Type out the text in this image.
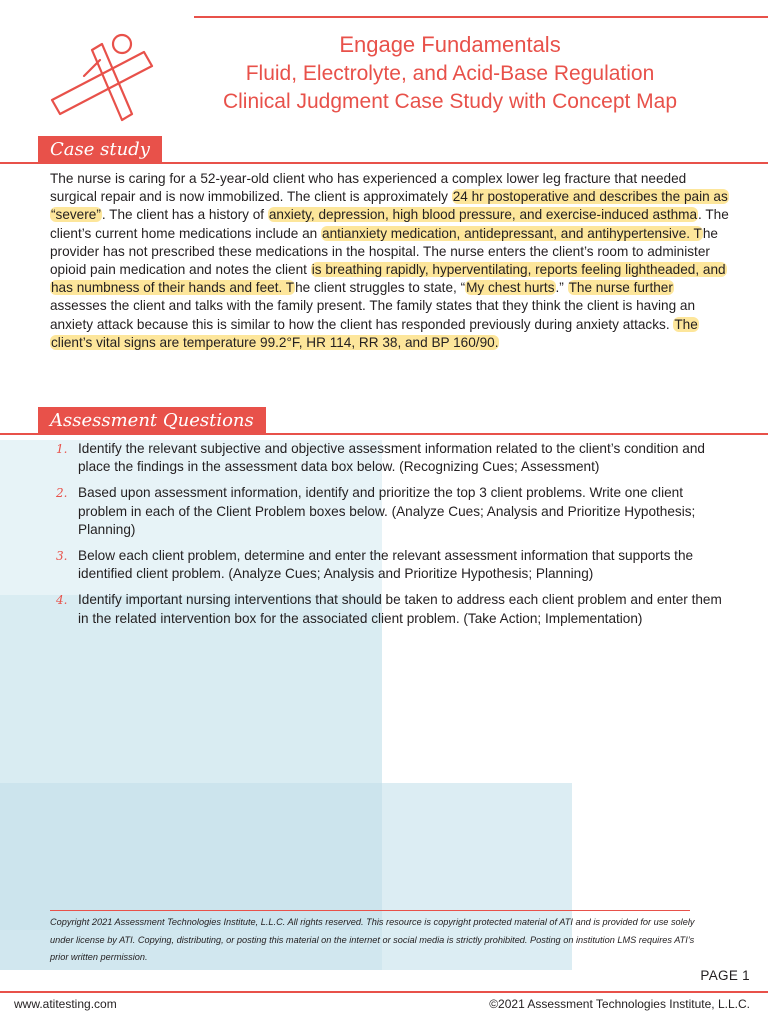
Engage Fundamentals
Fluid, Electrolyte, and Acid-Base Regulation
Clinical Judgment Case Study with Concept Map
Case study

The nurse is caring for a 52-year-old client who has experienced a complex lower leg fracture that needed surgical repair and is now immobilized. The client is approximately 24 hr postoperative and describes the pain as “severe”. The client has a history of anxiety, depression, high blood pressure, and exercise-induced asthma. The client’s current home medications include an antianxiety medication, antidepressant, and antihypertensive. The provider has not prescribed these medications in the hospital. The nurse enters the client’s room to administer opioid pain medication and notes the client is breathing rapidly, hyperventilating, reports feeling lightheaded, and has numbness of their hands and feet. The client struggles to state, “My chest hurts.” The nurse further assesses the client and talks with the family present. The family states that they think the client is having an anxiety attack because this is similar to how the client has responded previously during anxiety attacks. The client’s vital signs are temperature 99.2°F, HR 114, RR 38, and BP 160/90.

Assessment Questions
1. Identify the relevant subjective and objective assessment information related to the client’s condition and place the findings in the assessment data box below. (Recognizing Cues; Assessment)
2. Based upon assessment information, identify and prioritize the top 3 client problems. Write one client problem in each of the Client Problem boxes below. (Analyze Cues; Analysis and Prioritize Hypothesis; Planning)
3. Below each client problem, determine and enter the relevant assessment information that supports the identified client problem. (Analyze Cues; Analysis and Prioritize Hypothesis; Planning)
4. Identify important nursing interventions that should be taken to address each client problem and enter them in the related intervention box for the associated client problem. (Take Action; Implementation)

Copyright 2021 Assessment Technologies Institute, L.L.C. All rights reserved. This resource is copyright protected material of ATI and is provided for use solely under license by ATI. Copying, distributing, or posting this material on the internet or social media is strictly prohibited. Posting on institution LMS requires ATI’s prior written permission.

PAGE 1
www.atitesting.com	©2021 Assessment Technologies Institute, L.L.C.
